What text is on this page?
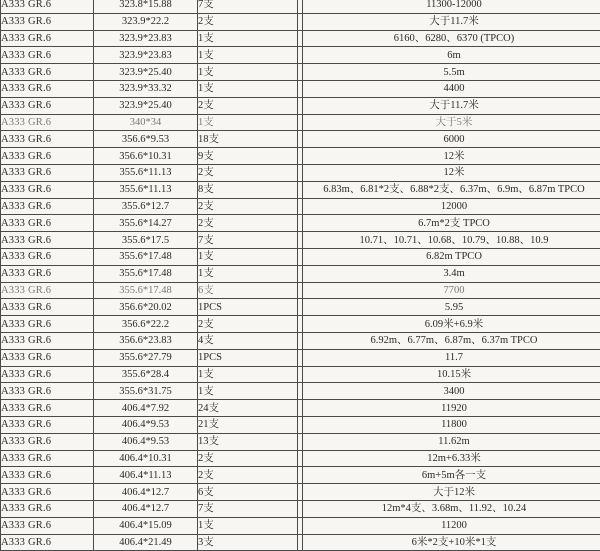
A333 GR.6	323.8*15.88	7支		11300-12000
A333 GR.6	323.9*22.2	2支		大于11.7米
A333 GR.6	323.9*23.83	1支		6160、6280、6370 (TPCO)
A333 GR.6	323.9*23.83	1支		6m
A333 GR.6	323.9*25.40	1支		5.5m
A333 GR.6	323.9*33.32	1支		4400
A333 GR.6	323.9*25.40	2支		大于11.7米
A333 GR.6	340*34	1支		大于5米
A333 GR.6	356.6*9.53	18支		6000
A333 GR.6	356.6*10.31	9支		12米
A333 GR.6	355.6*11.13	2支		12米
A333 GR.6	355.6*11.13	8支		6.83m、6.81*2支、6.88*2支、6.37m、6.9m、6.87m TPCO
A333 GR.6	355.6*12.7	2支		12000
A333 GR.6	355.6*14.27	2支		6.7m*2支 TPCO
A333 GR.6	355.6*17.5	7支		10.71、10.71、10.68、10.79、10.88、10.9
A333 GR.6	355.6*17.48	1支		6.82m TPCO
A333 GR.6	355.6*17.48	1支		3.4m
A333 GR.6	355.6*17.48	6支		7700
A333 GR.6	356.6*20.02	1PCS		5.95
A333 GR.6	356.6*22.2	2支		6.09米+6.9米
A333 GR.6	356.6*23.83	4支		6.92m、6.77m、6.87m、6.37m TPCO
A333 GR.6	355.6*27.79	1PCS		11.7
A333 GR.6	355.6*28.4	1支		10.15米
A333 GR.6	355.6*31.75	1支		3400
A333 GR.6	406.4*7.92	24支		11920
A333 GR.6	406.4*9.53	21支		11800
A333 GR.6	406.4*9.53	13支		11.62m
A333 GR.6	406.4*10.31	2支		12m+6.33米
A333 GR.6	406.4*11.13	2支		6m+5m各一支
A333 GR.6	406.4*12.7	6支		大于12米
A333 GR.6	406.4*12.7	7支		12m*4支、3.68m、11.92、10.24
A333 GR.6	406.4*15.09	1支		11200
A333 GR.6	406.4*21.49	3支		6米*2支+10米*1支
